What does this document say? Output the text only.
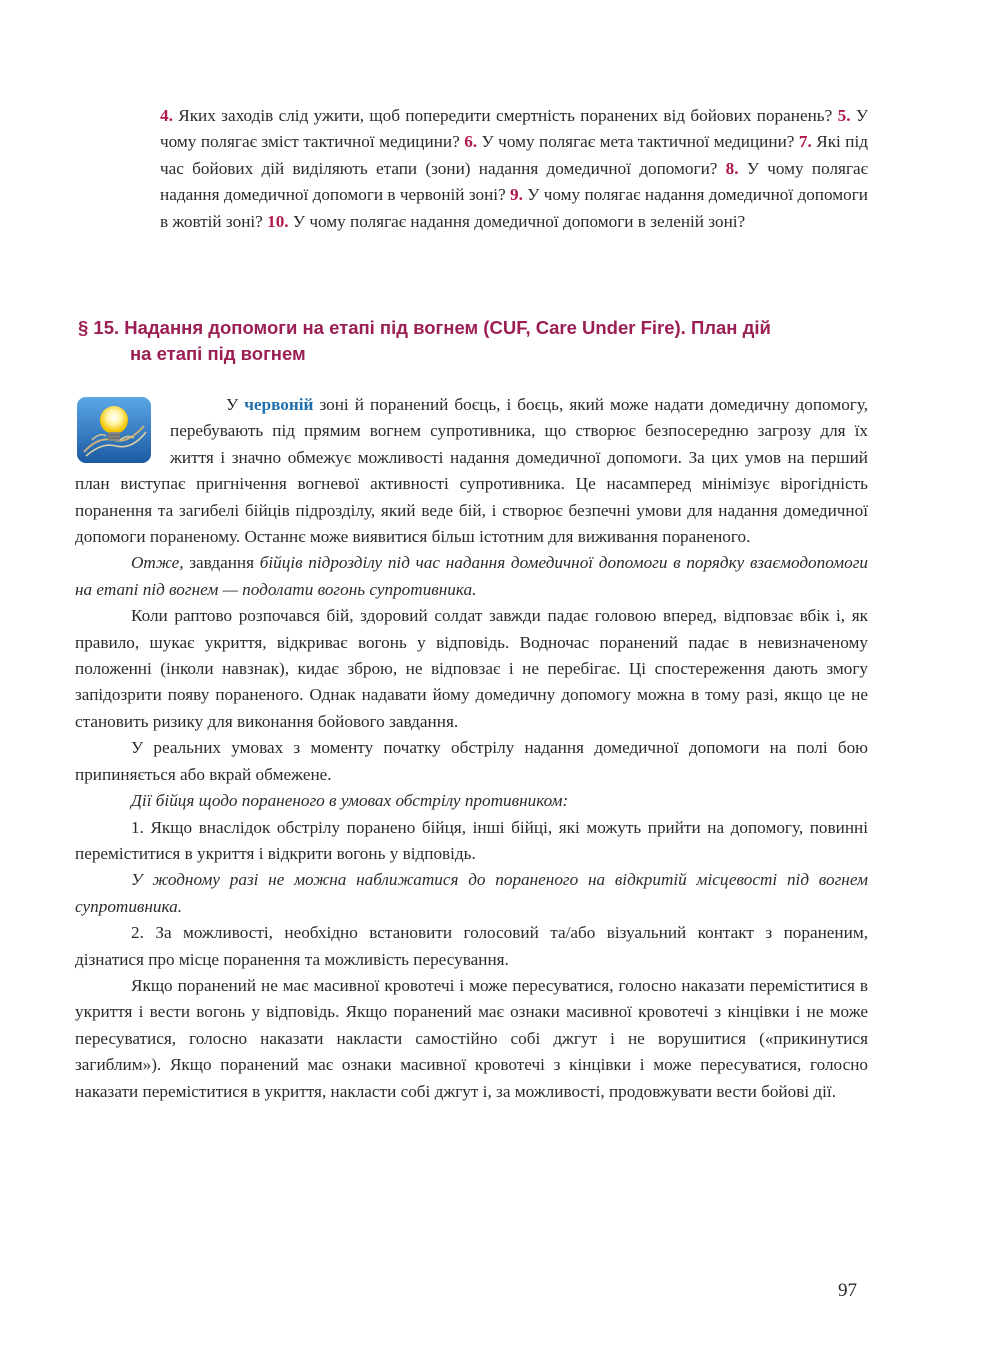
4. Яких заходів слід ужити, щоб попередити смертність поранених від бойових поранень? 5. У чому полягає зміст тактичної медицини? 6. У чому полягає мета тактичної медицини? 7. Які під час бойових дій виділяють етапи (зони) надання домедичної допомоги? 8. У чому полягає надання домедичної допомоги в червоній зоні? 9. У чому полягає надання домедичної допомоги в жовтій зоні? 10. У чому полягає надання домедичної допомоги в зеленій зоні?
§ 15. Надання допомоги на етапі під вогнем (CUF, Care Under Fire). План дій
на етапі під вогнем

У червоній зоні й поранений боєць, і боєць, який може надати домедичну допомогу, перебувають під прямим вогнем супротивника, що створює безпосередню загрозу для їх життя і значно обмежує можливості надання домедичної допомоги. За цих умов на перший план виступає пригнічення вогневої активності супротивника. Це насамперед мінімізує вірогідність поранення та загибелі бійців підрозділу, який веде бій, і створює безпечні умови для надання домедичної допомоги пораненому. Останнє може виявитися більш істотним для виживання пораненого.

Отже, завдання бійців підрозділу під час надання домедичної допомоги в порядку взаємодопомоги на етапі під вогнем — подолати вогонь супротивника.

Коли раптово розпочався бій, здоровий солдат завжди падає головою вперед, відповзає вбік і, як правило, шукає укриття, відкриває вогонь у відповідь. Водночас поранений падає в невизначеному положенні (інколи навзнак), кидає зброю, не відповзає і не перебігає. Ці спостереження дають змогу запідозрити появу пораненого. Однак надавати йому домедичну допомогу можна в тому разі, якщо це не становить ризику для виконання бойового завдання.

У реальних умовах з моменту початку обстрілу надання домедичної допомоги на полі бою припиняється або вкрай обмежене.

Дії бійця щодо пораненого в умовах обстрілу противником:

1. Якщо внаслідок обстрілу поранено бійця, інші бійці, які можуть прийти на допомогу, повинні переміститися в укриття і відкрити вогонь у відповідь.

У жодному разі не можна наближатися до пораненого на відкритій місцевості під вогнем супротивника.

2. За можливості, необхідно встановити голосовий та/або візуальний контакт з пораненим, дізнатися про місце поранення та можливість пересування.

Якщо поранений не має масивної кровотечі і може пересуватися, голосно наказати переміститися в укриття і вести вогонь у відповідь. Якщо поранений має ознаки масивної кровотечі з кінцівки і не може пересуватися, голосно наказати накласти самостійно собі джгут і не ворушитися («прикинутися загиблим»). Якщо поранений має ознаки масивної кровотечі з кінцівки і може пересуватися, голосно наказати переміститися в укриття, накласти собі джгут і, за можливості, продовжувати вести бойові дії.

97
